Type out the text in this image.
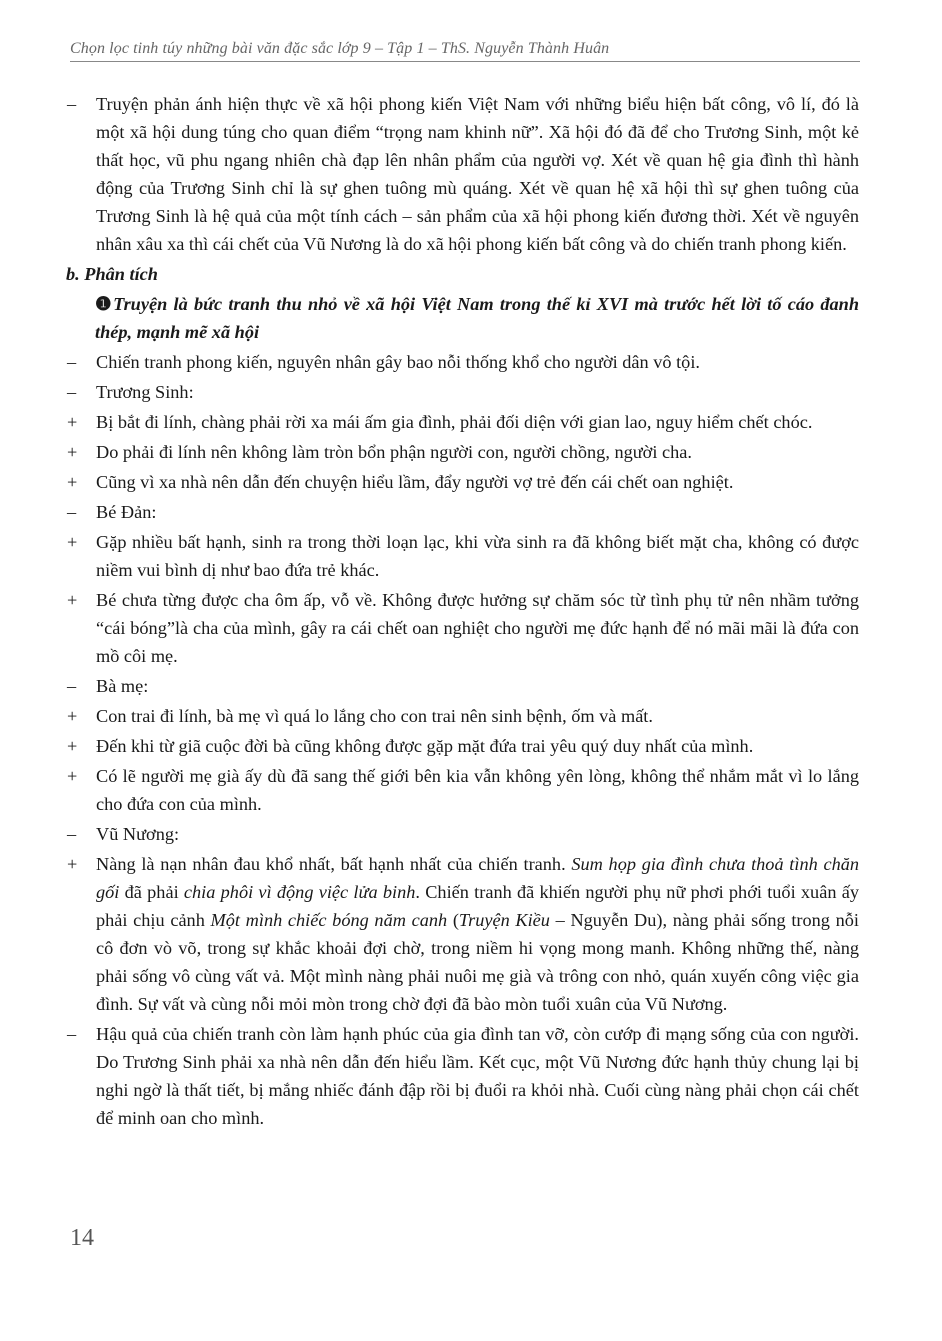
Chọn lọc tinh túy những bài văn đặc sắc lớp 9 – Tập 1 – ThS. Nguyễn Thành Huân
–	Truyện phản ánh hiện thực về xã hội phong kiến Việt Nam với những biểu hiện bất công, vô lí, đó là một xã hội dung túng cho quan điểm “trọng nam khinh nữ”. Xã hội đó đã để cho Trương Sinh, một kẻ thất học, vũ phu ngang nhiên chà đạp lên nhân phẩm của người vợ. Xét về quan hệ gia đình thì hành động của Trương Sinh chỉ là sự ghen tuông mù quáng. Xét về quan hệ xã hội thì sự ghen tuông của Trương Sinh là hệ quả của một tính cách – sản phẩm của xã hội phong kiến đương thời. Xét về nguyên nhân xâu xa thì cái chết của Vũ Nương là do xã hội phong kiến bất công và do chiến tranh phong kiến.
b. Phân tích
❶Truyện là bức tranh thu nhỏ về xã hội Việt Nam trong thế kỉ XVI mà trước hết lời tố cáo đanh thép, mạnh mẽ xã hội
–	Chiến tranh phong kiến, nguyên nhân gây bao nỗi thống khổ cho người dân vô tội.
–	Trương Sinh:
+	Bị bắt đi lính, chàng phải rời xa mái ấm gia đình, phải đối diện với gian lao, nguy hiểm chết chóc.
+	Do phải đi lính nên không làm tròn bổn phận người con, người chồng, người cha.
+	Cũng vì xa nhà nên dẫn đến chuyện hiểu lầm, đẩy người vợ trẻ đến cái chết oan nghiệt.
–	Bé Đản:
+	Gặp nhiều bất hạnh, sinh ra trong thời loạn lạc, khi vừa sinh ra đã không biết mặt cha, không có được niềm vui bình dị như bao đứa trẻ khác.
+	Bé chưa từng được cha ôm ấp, vỗ về. Không được hưởng sự chăm sóc từ tình phụ tử nên nhầm tưởng “cái bóng”là cha của mình, gây ra cái chết oan nghiệt cho người mẹ đức hạnh để nó mãi mãi là đứa con mồ côi mẹ.
–	Bà mẹ:
+	Con trai đi lính, bà mẹ vì quá lo lắng cho con trai nên sinh bệnh, ốm và mất.
+	Đến khi từ giã cuộc đời bà cũng không được gặp mặt đứa trai yêu quý duy nhất của mình.
+	Có lẽ người mẹ già ấy dù đã sang thế giới bên kia vẫn không yên lòng, không thể nhắm mắt vì lo lắng cho đứa con của mình.
–	Vũ Nương:
+	Nàng là nạn nhân đau khổ nhất, bất hạnh nhất của chiến tranh. Sum họp gia đình chưa thoả tình chăn gối đã phải chia phôi vì động việc lửa binh. Chiến tranh đã khiến người phụ nữ phơi phới tuổi xuân ấy phải chịu cảnh Một mình chiếc bóng năm canh (Truyện Kiều – Nguyễn Du), nàng phải sống trong nỗi cô đơn vò võ, trong sự khắc khoải đợi chờ, trong niềm hi vọng mong manh. Không những thế, nàng phải sống vô cùng vất vả. Một mình nàng phải nuôi mẹ già và trông con nhỏ, quán xuyến công việc gia đình. Sự vất và cùng nỗi mỏi mòn trong chờ đợi đã bào mòn tuổi xuân của Vũ Nương.
–	Hậu quả của chiến tranh còn làm hạnh phúc của gia đình tan vỡ, còn cướp đi mạng sống của con người. Do Trương Sinh phải xa nhà nên dẫn đến hiểu lầm. Kết cục, một Vũ Nương đức hạnh thủy chung lại bị nghi ngờ là thất tiết, bị mắng nhiếc đánh đập rồi bị đuổi ra khỏi nhà. Cuối cùng nàng phải chọn cái chết để minh oan cho mình.
14
